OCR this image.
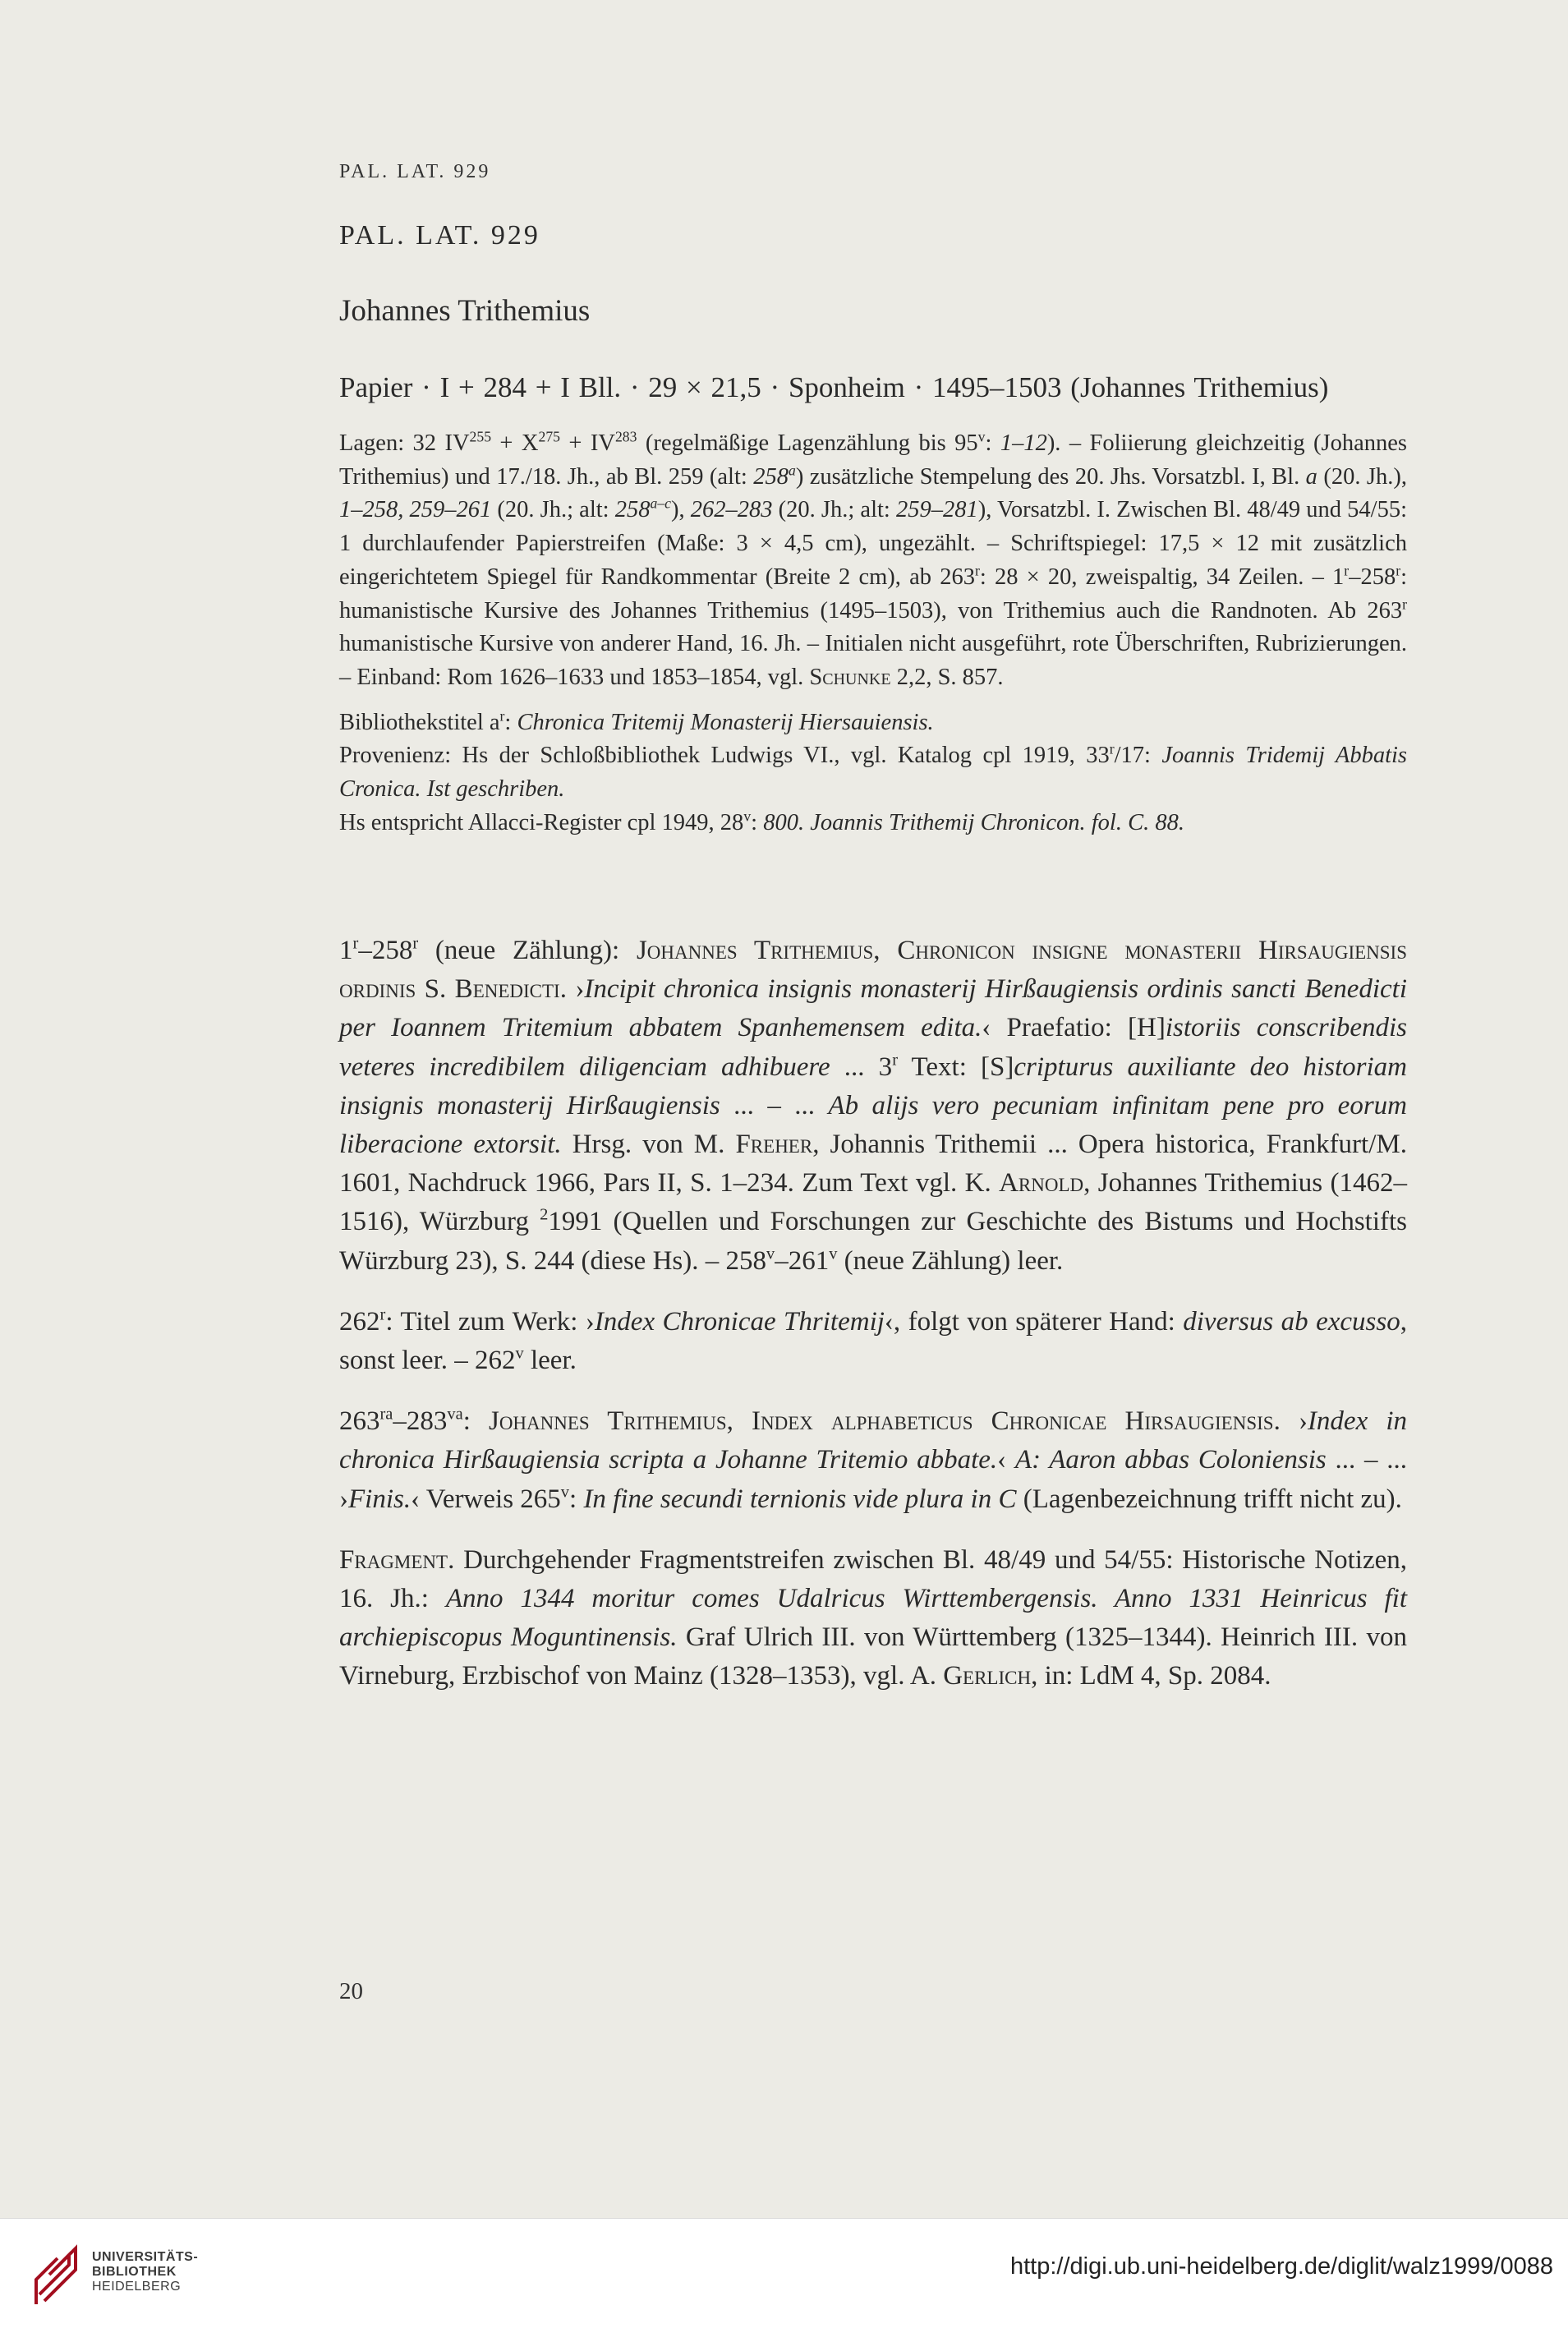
PAL. LAT. 929
PAL. LAT. 929
Johannes Trithemius
Papier · I + 284 + I Bll. · 29 × 21,5 · Sponheim · 1495–1503 (Johannes Trithemius)

Lagen: 32 $IV^{255} + X^{275} + IV^{283}$ (regelmäßige Lagenzählung bis 95$^v$: 1–12). – Foliierung gleichzeitig (Johannes Trithemius) und 17./18. Jh., ab Bl. 259 (alt: 258$^a$) zusätzliche Stempelung des 20. Jhs. Vorsatzbl. I, Bl. a (20. Jh.), 1–258, 259–261 (20. Jh.; alt: 258$^{a-c}$), 262–283 (20. Jh.; alt: 259–281), Vorsatzbl. I. Zwischen Bl. 48/49 und 54/55: 1 durchlaufender Papierstreifen (Maße: 3 × 4,5 cm), ungezählt. – Schriftspiegel: 17,5 × 12 mit zusätzlich eingerichtetem Spiegel für Randkommentar (Breite 2 cm), ab 263$^r$: 28 × 20, zweispaltig, 34 Zeilen. – 1$^r$–258$^r$: humanistische Kursive des Johannes Trithemius (1495–1503), von Trithemius auch die Randnoten. Ab 263$^r$ humanistische Kursive von anderer Hand, 16. Jh. – Initialen nicht ausgeführt, rote Überschriften, Rubrizierungen. – Einband: Rom 1626–1633 und 1853–1854, vgl. Schunke 2,2, S. 857.

Bibliothekstitel $a^r$: Chronica Tritemij Monasterij Hiersauiensis.

Provenienz: Hs der Schloßbibliothek Ludwigs VI., vgl. Katalog cpl 1919, 33$^r$/17: Joannis Tridemij Abbatis Cronica. Ist geschriben.

Hs entspricht Allacci-Register cpl 1949, 28$^v$: 800. Joannis Trithemij Chronicon. fol. C. 88.

1$^r$–258$^r$ (neue Zählung): Johannes Trithemius, Chronicon insigne monasterii Hirsaugiensis ordinis S. Benedicti. ›Incipit chronica insignis monasterij Hirßaugiensis ordinis sancti Benedicti per Ioannem Tritemium abbatem Spanhemensem edita.‹ Praefatio: [H]istoriis conscribendis veteres incredibilem diligenciam adhibuere ... 3$^r$ Text: [S]cripturus auxiliante deo historiam insignis monasterij Hirßaugiensis ... – ... Ab alijs vero pecuniam infinitam pene pro eorum liberacione extorsit. Hrsg. von M. Freher, Johannis Trithemii ... Opera historica, Frankfurt/M. 1601, Nachdruck 1966, Pars II, S. 1–234. Zum Text vgl. K. Arnold, Johannes Trithemius (1462–1516), Würzburg $^2$1991 (Quellen und Forschungen zur Geschichte des Bistums und Hochstifts Würzburg 23), S. 244 (diese Hs). – 258$^v$–261$^v$ (neue Zählung) leer.

262$^r$: Titel zum Werk: ›Index Chronicae Thritemij‹, folgt von späterer Hand: diversus ab excusso, sonst leer. – 262$^v$ leer.

$263^{ra}-283^{va}$: Johannes Trithemius, Index alphabeticus Chronicae Hirsaugiensis. ›Index in chronica Hirßaugiensia scripta a Johanne Tritemio abbate.‹ A: Aaron abbas Coloniensis ... – ... ›Finis.‹ Verweis 265$^v$: In fine secundi ternionis vide plura in C (Lagenbezeichnung trifft nicht zu).

Fragment. Durchgehender Fragmentstreifen zwischen Bl. 48/49 und 54/55: Historische Notizen, 16. Jh.: Anno 1344 moritur comes Udalricus Wirttembergensis. Anno 1331 Heinricus fit archiepiscopus Moguntinensis. Graf Ulrich III. von Württemberg (1325–1344). Heinrich III. von Virneburg, Erzbischof von Mainz (1328–1353), vgl. A. Gerlich, in: LdM 4, Sp. 2084.

20
UNIVERSITÄTS-
BIBLIOTHEK
HEIDELBERG
http://digi.ub.uni-heidelberg.de/diglit/walz1999/0088
